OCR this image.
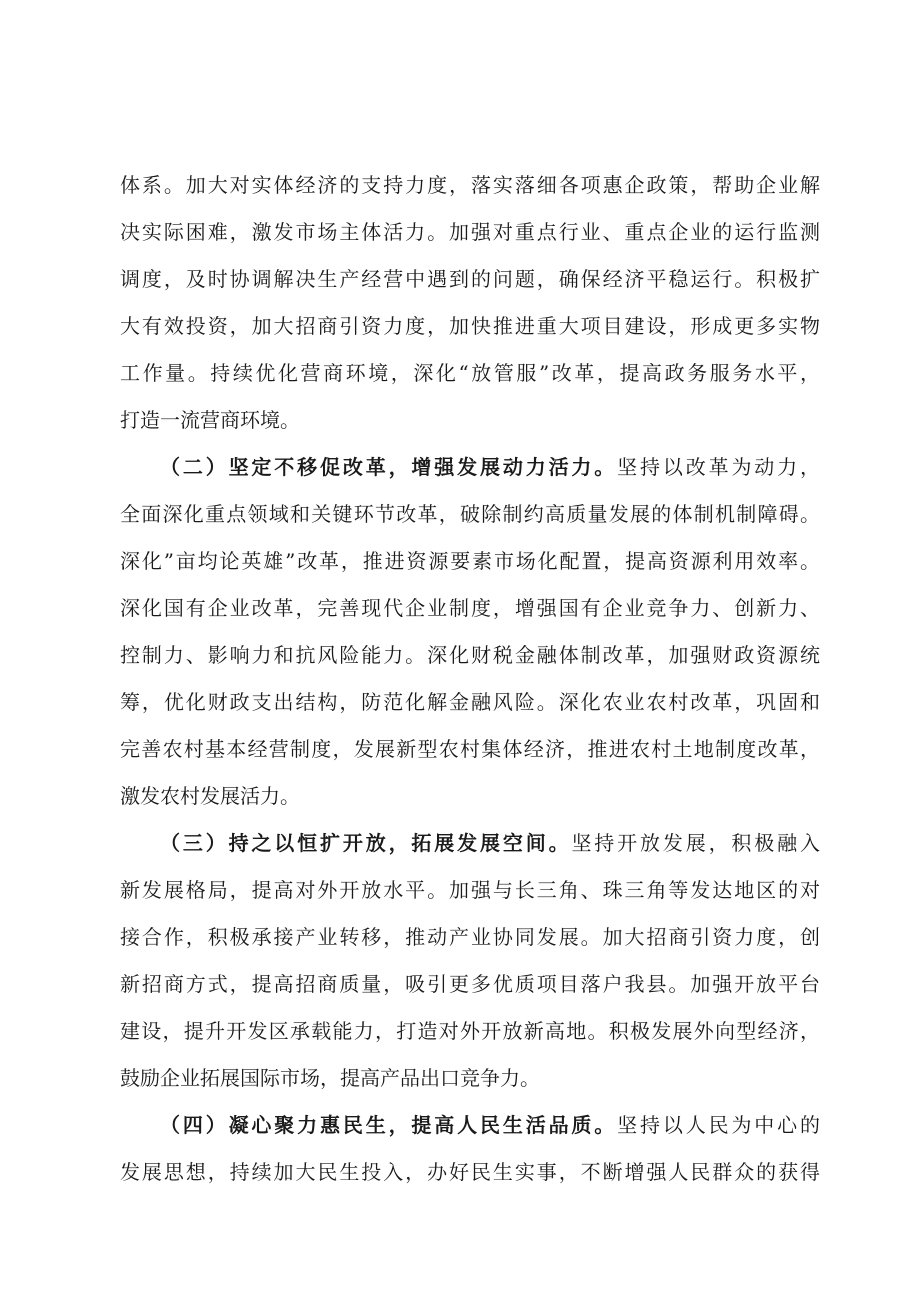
体系。加大对实体经济的支持力度，落实落细各项惠企政策，帮助企业解
决实际困难，激发市场主体活力。加强对重点行业、重点企业的运行监测
调度，及时协调解决生产经营中遇到的问题，确保经济平稳运行。积极扩
大有效投资，加大招商引资力度，加快推进重大项目建设，形成更多实物
工作量。持续优化营商环境，深化“放管服”改革，提高政务服务水平，
打造一流营商环境。
（二）坚定不移促改革，增强发展动力活力。坚持以改革为动力，
全面深化重点领域和关键环节改革，破除制约高质量发展的体制机制障碍。
深化”亩均论英雄”改革，推进资源要素市场化配置，提高资源利用效率。
深化国有企业改革，完善现代企业制度，增强国有企业竞争力、创新力、
控制力、影响力和抗风险能力。深化财税金融体制改革，加强财政资源统
筹，优化财政支出结构，防范化解金融风险。深化农业农村改革，巩固和
完善农村基本经营制度，发展新型农村集体经济，推进农村土地制度改革，
激发农村发展活力。
（三）持之以恒扩开放，拓展发展空间。坚持开放发展，积极融入
新发展格局，提高对外开放水平。加强与长三角、珠三角等发达地区的对
接合作，积极承接产业转移，推动产业协同发展。加大招商引资力度，创
新招商方式，提高招商质量，吸引更多优质项目落户我县。加强开放平台
建设，提升开发区承载能力，打造对外开放新高地。积极发展外向型经济，
鼓励企业拓展国际市场，提高产品出口竞争力。
（四）凝心聚力惠民生，提高人民生活品质。坚持以人民为中心的
发展思想，持续加大民生投入，办好民生实事，不断增强人民群众的获得
